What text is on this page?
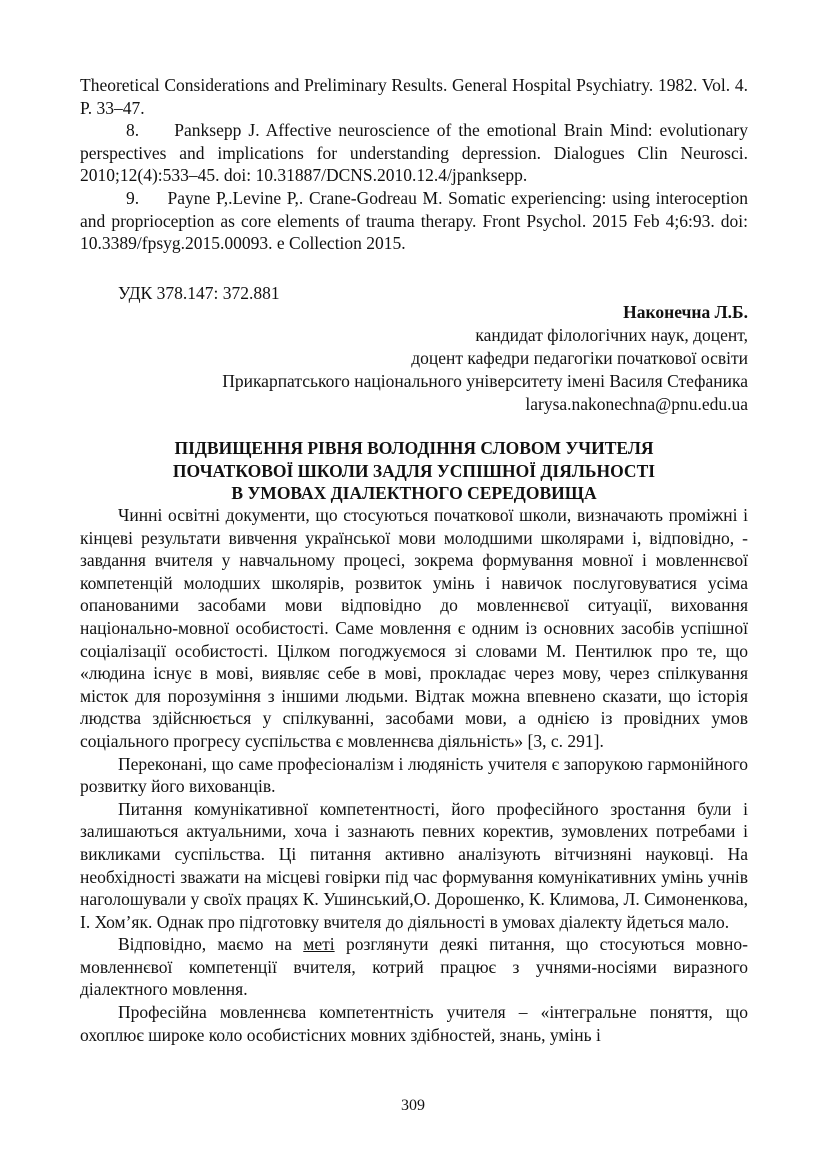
Theoretical Considerations and Preliminary Results. General Hospital Psychiatry. 1982. Vol. 4. P. 33–47.

8.     Panksepp J. Affective neuroscience of the emotional Brain Mind: evolutionary perspectives and implications for understanding depression. Dialogues Clin Neurosci. 2010;12(4):533–45. doi: 10.31887/DCNS.2010.12.4/jpanksepp.

9.     Payne P,.Levine P,. Crane-Godreau M. Somatic experiencing: using interoception and proprioception as core elements of trauma therapy. Front Psychol. 2015 Feb 4;6:93. doi: 10.3389/fpsyg.2015.00093. e Collection 2015.

УДК 378.147: 372.881

Наконечна Л.Б.

кандидат філологічних наук, доцент,

доцент кафедри педагогіки початкової освіти

Прикарпатського національного університету імені Василя Стефаника

larysa.nakonechna@pnu.edu.ua

ПІДВИЩЕННЯ РІВНЯ ВОЛОДІННЯ СЛОВОМ УЧИТЕЛЯ
ПОЧАТКОВОЇ ШКОЛИ ЗАДЛЯ УСПІШНОЇ ДІЯЛЬНОСТІ
В УМОВАХ ДІАЛЕКТНОГО СЕРЕДОВИЩА

Чинні освітні документи, що стосуються початкової школи, визначають проміжні і кінцеві результати вивчення української мови молодшими школярами і, відповідно, - завдання вчителя у навчальному процесі, зокрема формування мовної і мовленнєвої компетенцій молодших школярів, розвиток умінь і навичок послуговуватися усіма опанованими засобами мови відповідно до мовленнєвої ситуації, виховання національно-мовної особистості. Саме мовлення є одним із основних засобів успішної соціалізації особистості. Цілком погоджуємося зі словами М. Пентилюк про те, що «людина існує в мові, виявляє себе в мові, прокладає через мову, через спілкування місток для порозуміння з іншими людьми. Відтак можна впевнено сказати, що історія людства здійснюється у спілкуванні, засобами мови, а однією із провідних умов соціального прогресу суспільства є мовленнєва діяльність» [3, с. 291].

Переконані, що саме професіоналізм і людяність учителя є запорукою гармонійного розвитку його вихованців.

Питання комунікативної компетентності, його професійного зростання були і залишаються актуальними, хоча і зазнають певних коректив, зумовлених потребами і викликами суспільства. Ці питання активно аналізують вітчизняні науковці. На необхідності зважати на місцеві говірки під час формування комунікативних умінь учнів наголошували у своїх працях К. Ушинський,О. Дорошенко, К. Климова, Л. Симоненкова, І. Хом’як. Однак про підготовку вчителя до діяльності в умовах діалекту йдеться мало.

Відповідно, маємо на меті розглянути деякі питання, що стосуються мовно-мовленнєвої компетенції вчителя, котрий працює з учнями-носіями виразного діалектного мовлення.

Професійна мовленнєва компетентність учителя – «інтегральне поняття, що охоплює широке коло особистісних мовних здібностей, знань, умінь і

309
